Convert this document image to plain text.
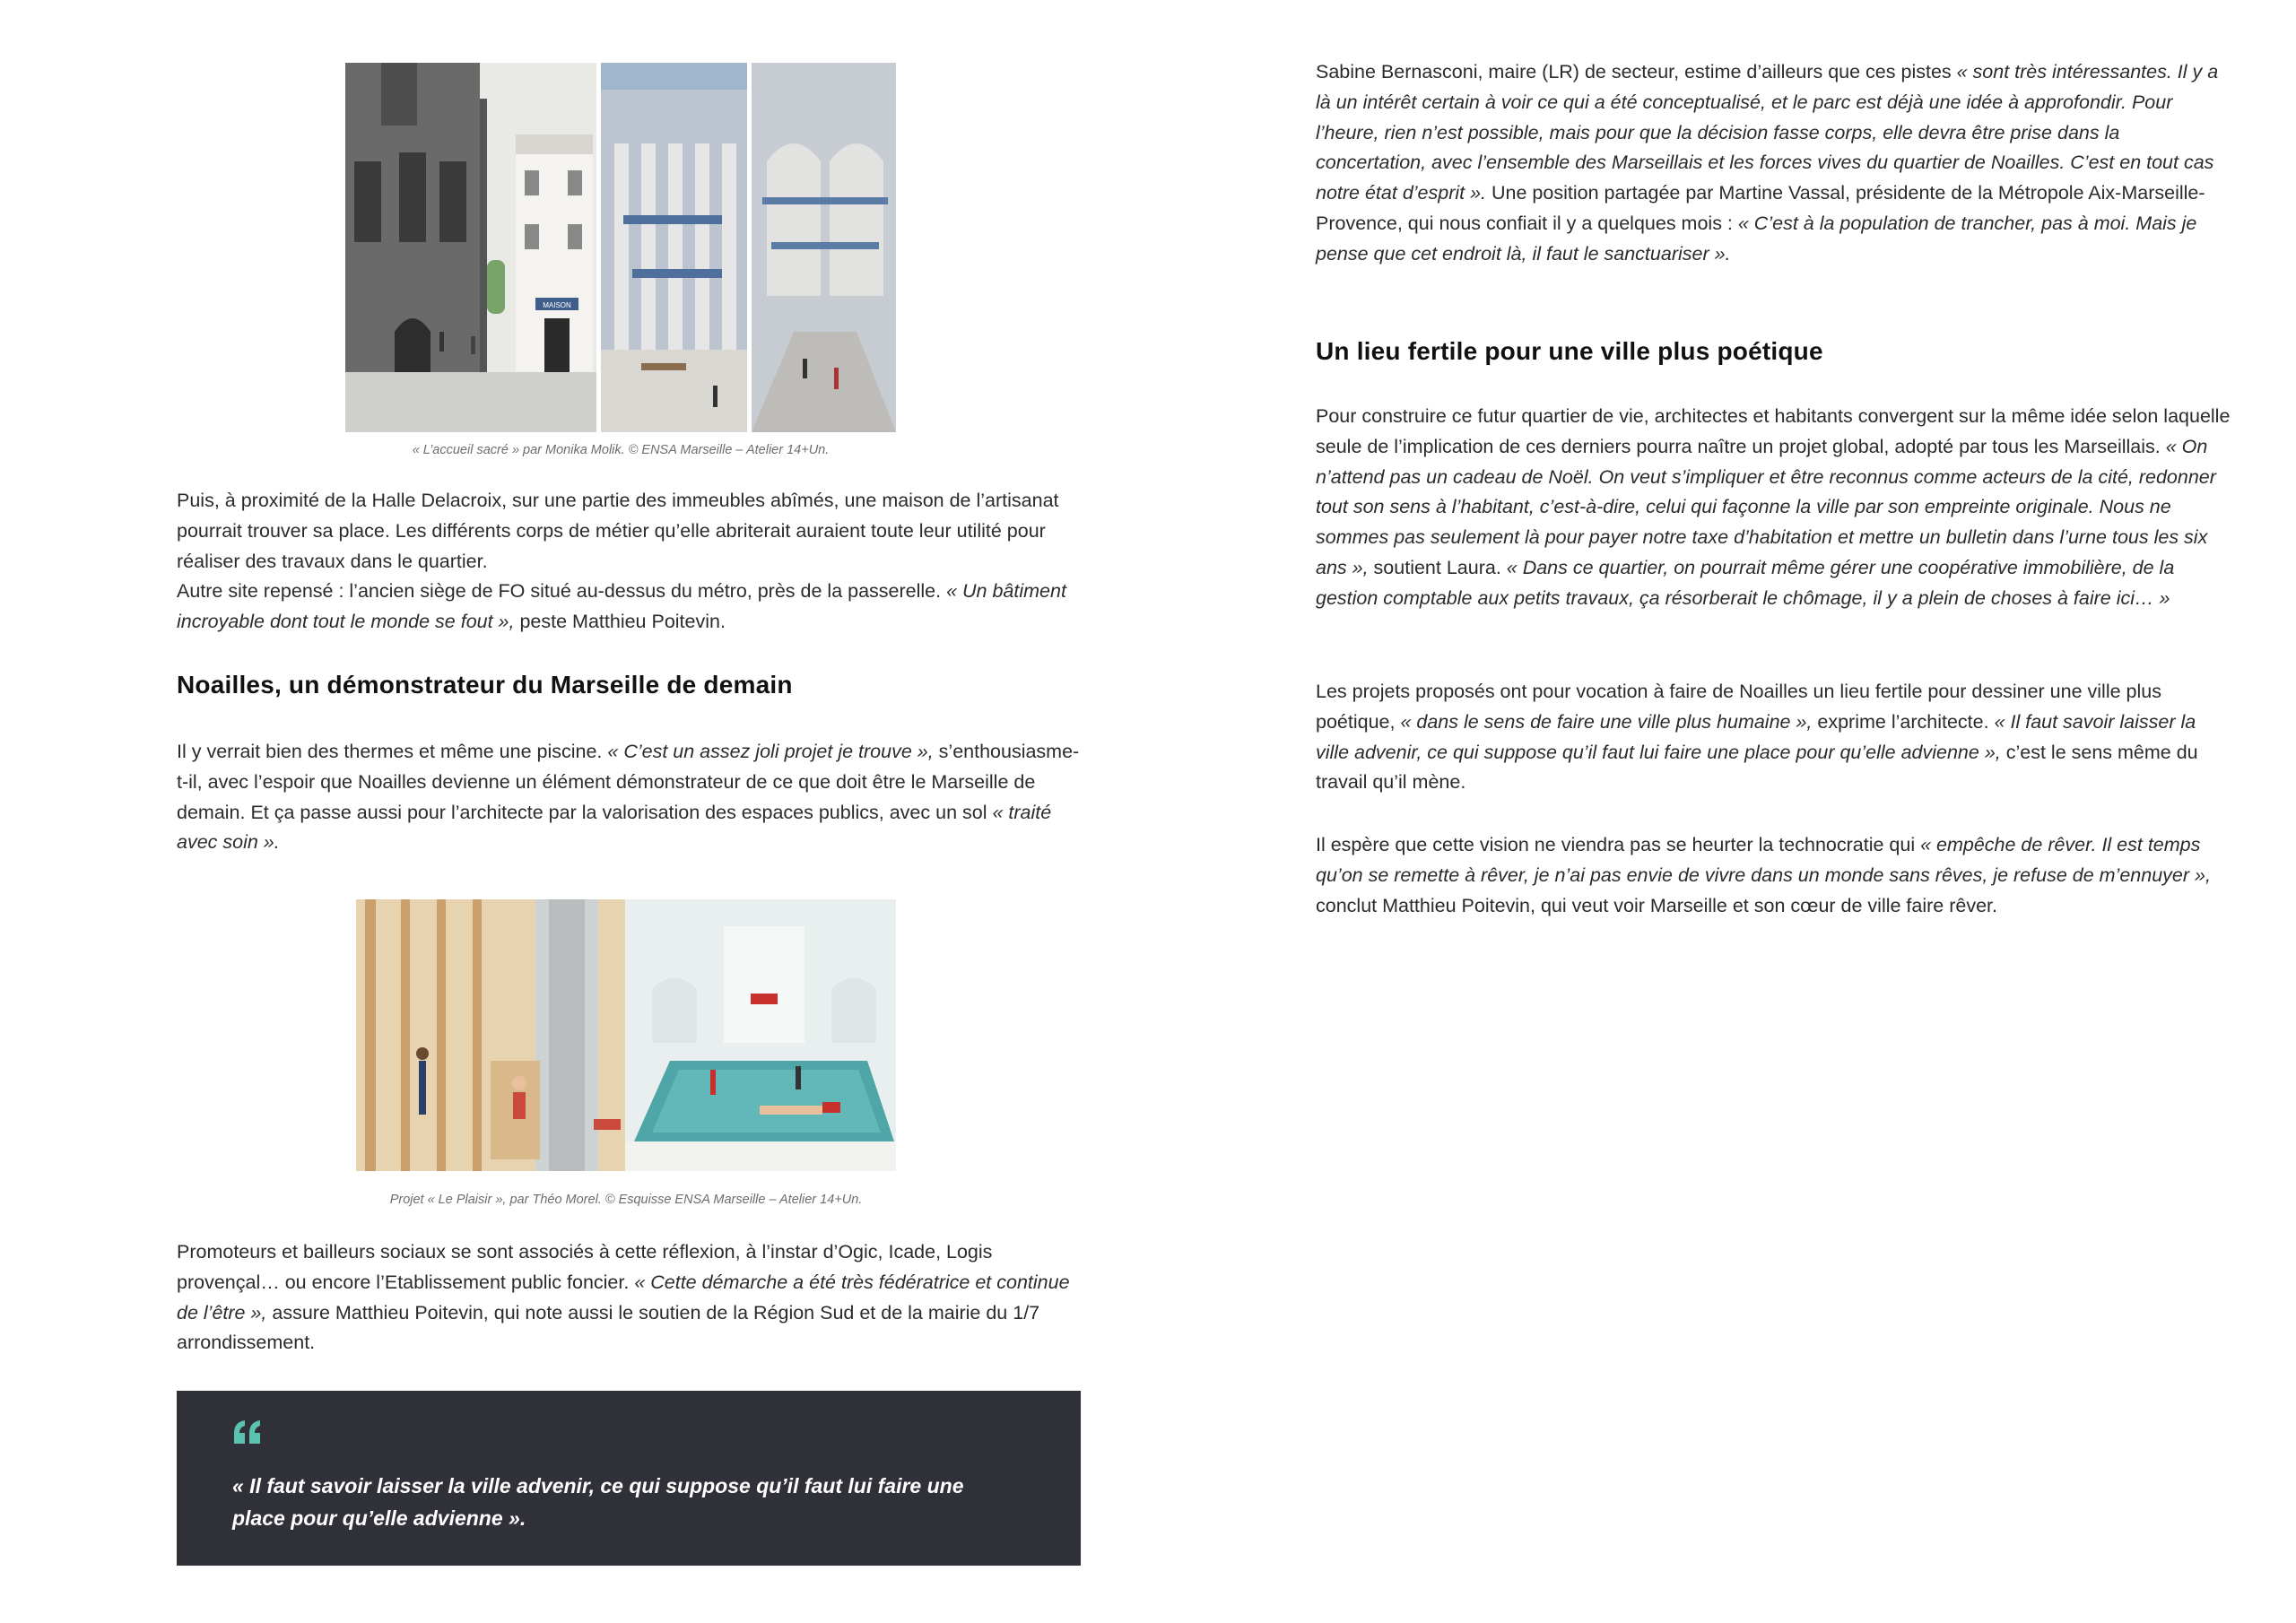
MAISON
« L’accueil sacré » par Monika Molik. © ENSA Marseille – Atelier 14+Un.

Puis, à proximité de la Halle Delacroix, sur une partie des immeubles abîmés, une maison de l’artisanat pourrait trouver sa place. Les différents corps de métier qu’elle abriterait auraient toute leur utilité pour réaliser des travaux dans le quartier.
Autre site repensé : l’ancien siège de FO situé au-dessus du métro, près de la passerelle. « Un bâtiment incroyable dont tout le monde se fout », peste Matthieu Poitevin.

Noailles, un démonstrateur du Marseille de demain

Il y verrait bien des thermes et même une piscine. « C’est un assez joli projet je trouve », s’enthousiasme-t-il, avec l’espoir que Noailles devienne un élément démonstrateur de ce que doit être le Marseille de demain. Et ça passe aussi pour l’architecte par la valorisation des espaces publics, avec un sol « traité avec soin ».

Projet « Le Plaisir », par Théo Morel. © Esquisse ENSA Marseille – Atelier 14+Un.

Promoteurs et bailleurs sociaux se sont associés à cette réflexion, à l’instar d’Ogic, Icade, Logis provençal… ou encore l’Etablissement public foncier. « Cette démarche a été très fédératrice et continue de l’être », assure Matthieu Poitevin, qui note aussi le soutien de la Région Sud et de la mairie du 1/7 arrondissement.

« Il faut savoir laisser la ville advenir, ce qui suppose qu’il faut lui faire une place pour qu’elle advienne ».

Sabine Bernasconi, maire (LR) de secteur, estime d’ailleurs que ces pistes « sont très intéressantes. Il y a là un intérêt certain à voir ce qui a été conceptualisé, et le parc est déjà une idée à approfondir. Pour l’heure, rien n’est possible, mais pour que la décision fasse corps, elle devra être prise dans la concertation, avec l’ensemble des Marseillais et les forces vives du quartier de Noailles. C’est en tout cas notre état d’esprit ». Une position partagée par Martine Vassal, présidente de la Métropole Aix-Marseille-Provence, qui nous confiait il y a quelques mois : « C’est à la population de trancher, pas à moi. Mais je pense que cet endroit là, il faut le sanctuariser ».

Un lieu fertile pour une ville plus poétique

Pour construire ce futur quartier de vie, architectes et habitants convergent sur la même idée selon laquelle seule de l’implication de ces derniers pourra naître un projet global, adopté par tous les Marseillais. « On n’attend pas un cadeau de Noël. On veut s’impliquer et être reconnus comme acteurs de la cité, redonner tout son sens à l’habitant, c’est-à-dire, celui qui façonne la ville par son empreinte originale. Nous ne sommes pas seulement là pour payer notre taxe d’habitation et mettre un bulletin dans l’urne tous les six ans », soutient Laura. « Dans ce quartier, on pourrait même gérer une coopérative immobilière, de la gestion comptable aux petits travaux, ça résorberait le chômage, il y a plein de choses à faire ici… »

Les projets proposés ont pour vocation à faire de Noailles un lieu fertile pour dessiner une ville plus poétique, « dans le sens de faire une ville plus humaine », exprime l’architecte. « Il faut savoir laisser la ville advenir, ce qui suppose qu’il faut lui faire une place pour qu’elle advienne », c’est le sens même du travail qu’il mène.

Il espère que cette vision ne viendra pas se heurter la technocratie qui « empêche de rêver. Il est temps qu’on se remette à rêver, je n’ai pas envie de vivre dans un monde sans rêves, je refuse de m’ennuyer », conclut Matthieu Poitevin, qui veut voir Marseille et son cœur de ville faire rêver.
